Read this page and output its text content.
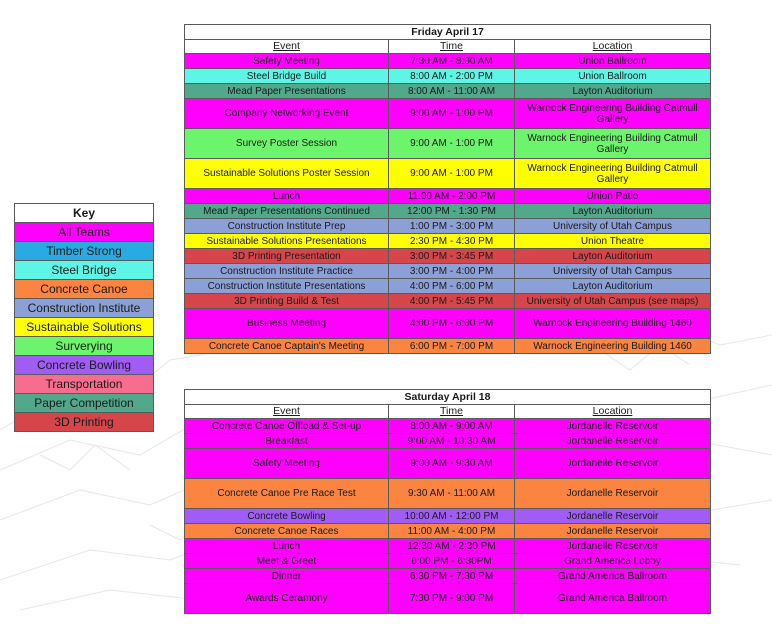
Key
All Teams
Timber Strong
Steel Bridge
Concrete Canoe
Construction Institute
Sustainable Solutions
Surverying
Concrete Bowling
Transportation
Paper Competition
3D Printing
Friday April 17		
Event	Time	Location
Safety Meeting	7:30 AM - 8:00 AM	Union Ballroom
Steel Bridge Build	8:00 AM - 2:00 PM	Union Ballroom
Mead Paper Presentations	8:00 AM - 11:00 AM	Layton Auditorium
Company Networking Event	9:00 AM - 1:00 PM	Warnock Engineering Building Catmull Gallery
Survey Poster Session	9:00 AM - 1:00 PM	Warnock Engineering Building Catmull Gallery
Sustainable Solutions Poster Session	9:00 AM - 1:00 PM	Warnock Engineering Building Catmull Gallery
Lunch	11:00 AM - 2:00 PM	Union Patio
Mead Paper Presentations Continued	12:00 PM - 1:30 PM	Layton Auditorium
Construction Institute Prep	1:00 PM - 3:00 PM	University of Utah Campus
Sustainable Solutions Presentations	2:30 PM - 4:30 PM	Union Theatre
3D Printing Presentation	3:00 PM - 3:45 PM	Layton Auditorium
Construction Institute Practice	3:00 PM - 4:00 PM	University of Utah Campus
Construction Institute Presentations	4:00 PM - 6:00 PM	Layton Auditorium
3D Printing Build & Test	4:00 PM - 5:45 PM	University of Utah Campus (see maps)
Business Meeting	4:00 PM - 6:00 PM	Warnock Engineering Building 1460
Concrete Canoe Captain's Meeting	6:00 PM - 7:00 PM	Warnock Engineering Building 1460
Saturday April 18		
Event	Time	Location
Concrete Canoe Offload & Set-up	8:00 AM - 9:00 AM	Jordanelle Reservoir
Breakfast	9:00 AM - 10:30 AM	Jordanelle Reservoir
Safety Meeting	9:00 AM - 9:30 AM	Jordanelle Reservoir
Concrete Canoe Pre Race Test	9:30 AM - 11:00 AM	Jordanelle Reservoir
Concrete Bowling	10:00 AM - 12:00 PM	Jordanelle Reservoir
Concrete Canoe Races	11:00 AM - 4:00 PM	Jordanelle Reservoir
Lunch	12:30 AM - 2:30 PM	Jordanelle Reservoir
Meet & Greet	6:00 PM - 6:30PM	Grand America Lobby
Dinner	6:30 PM - 7:30 PM	Grand America Ballroom
Awards Ceramony	7:30 PM - 9:00 PM	Grand America Ballroom
